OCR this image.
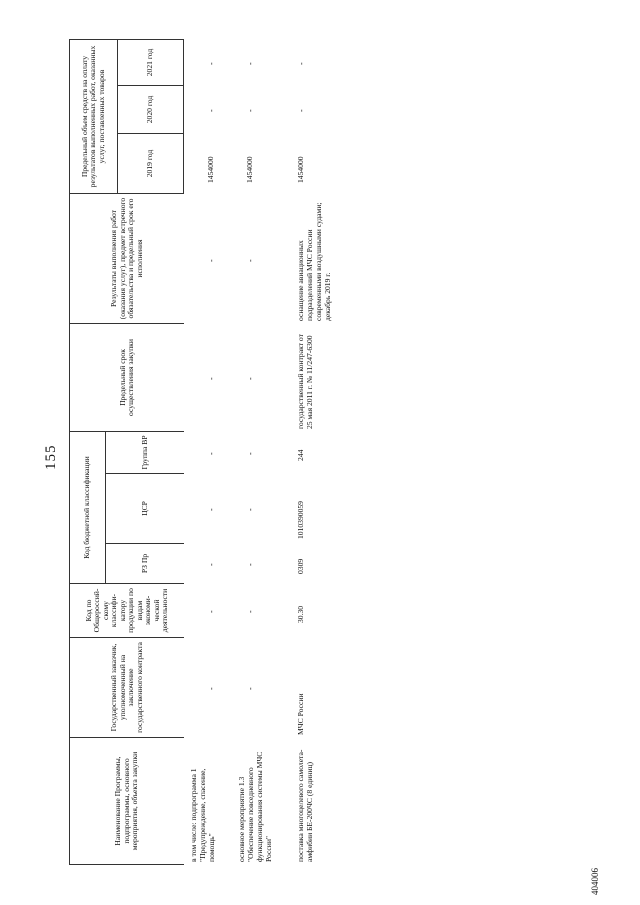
155
Наименование Программы, подпрограммы, основного мероприятия, объекта закупки
Государственный заказчик, уполномоченный на заключение государственного контракта
Код по Общероссий-скому классифи-катору продукции по видам экономи-ческой деятельности
Код бюджетной классификации
РЗ Пр
ЦСР
Группа ВР
Предельный срок осуществления закупки
Результаты выполнения работ (оказания услуг), предмет встречного обязательства и предельный срок его исполнения
Предельный объем средств на оплату результатов выполненных работ, оказанных услуг, поставленных товаров
2019 год
2020 год
2021 год
в том числе: подпрограмма 1 "Предупреждение, спасение, помощь"
-
-
-
-
-
-
-
1454000
-
-
основное мероприятие 1.3 "Обеспечение повседневного функционирования системы МЧС России"
-
-
-
-
-
-
-
1454000
-
-
поставка многоцелевого самолета-амфибии БЕ-200ЧС (8 единиц)
МЧС России
30.30
0309
1010390059
244
государственный контракт от 25 мая 2011 г. № 11/247-6300
оснащение авиационных подразделений МЧС России современными воздушными судами; декабрь 2019 г.
1454000
-
-
404006
